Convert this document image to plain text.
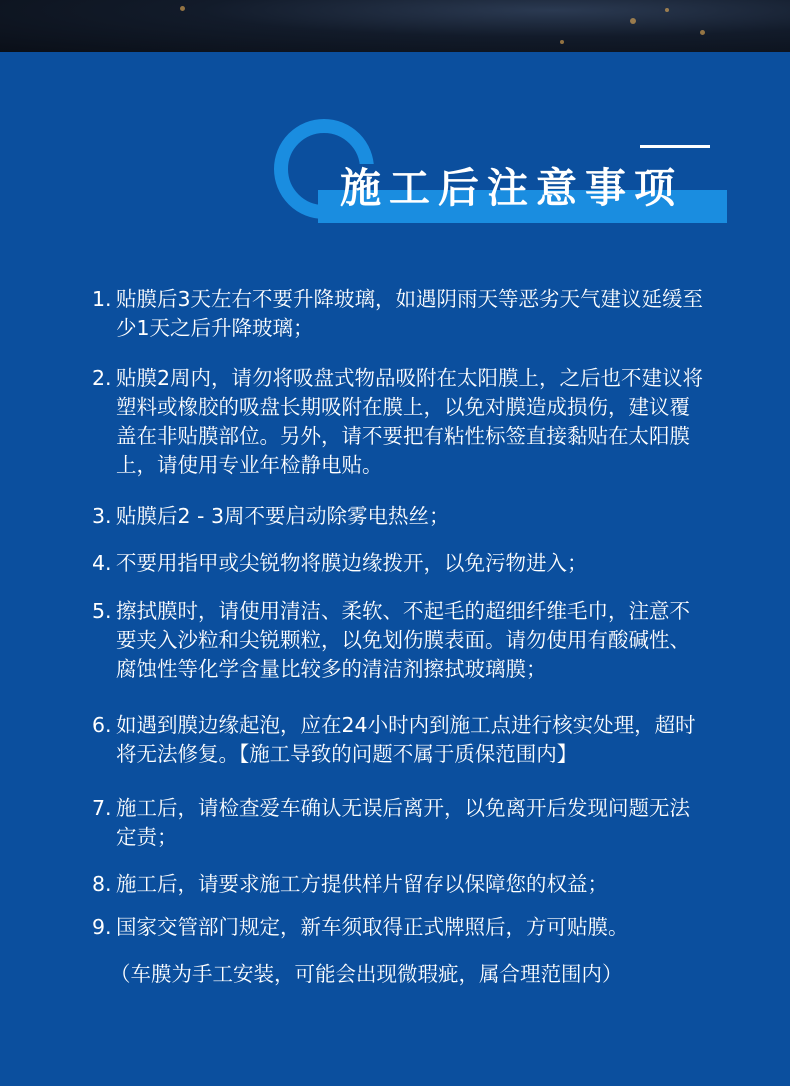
施工后注意事项
1. 贴膜后3天左右不要升降玻璃，如遇阴雨天等恶劣天气建议延缓至少1天之后升降玻璃；
2. 贴膜2周内，请勿将吸盘式物品吸附在太阳膜上，之后也不建议将塑料或橡胶的吸盘长期吸附在膜上，以免对膜造成损伤，建议覆盖在非贴膜部位。另外，请不要把有粘性标签直接黏贴在太阳膜上，请使用专业年检静电贴。
3. 贴膜后2 - 3周不要启动除雾电热丝；
4. 不要用指甲或尖锐物将膜边缘拨开，以免污物进入；
5. 擦拭膜时，请使用清洁、柔软、不起毛的超细纤维毛巾，注意不要夹入沙粒和尖锐颗粒，以免划伤膜表面。请勿使用有酸碱性、腐蚀性等化学含量比较多的清洁剂擦拭玻璃膜；
6. 如遇到膜边缘起泡，应在24小时内到施工点进行核实处理，超时将无法修复。【施工导致的问题不属于质保范围内】
7. 施工后，请检查爱车确认无误后离开，以免离开后发现问题无法定责；
8. 施工后，请要求施工方提供样片留存以保障您的权益；
9. 国家交管部门规定，新车须取得正式牌照后，方可贴膜。
（车膜为手工安装，可能会出现微瑕疵，属合理范围内）
